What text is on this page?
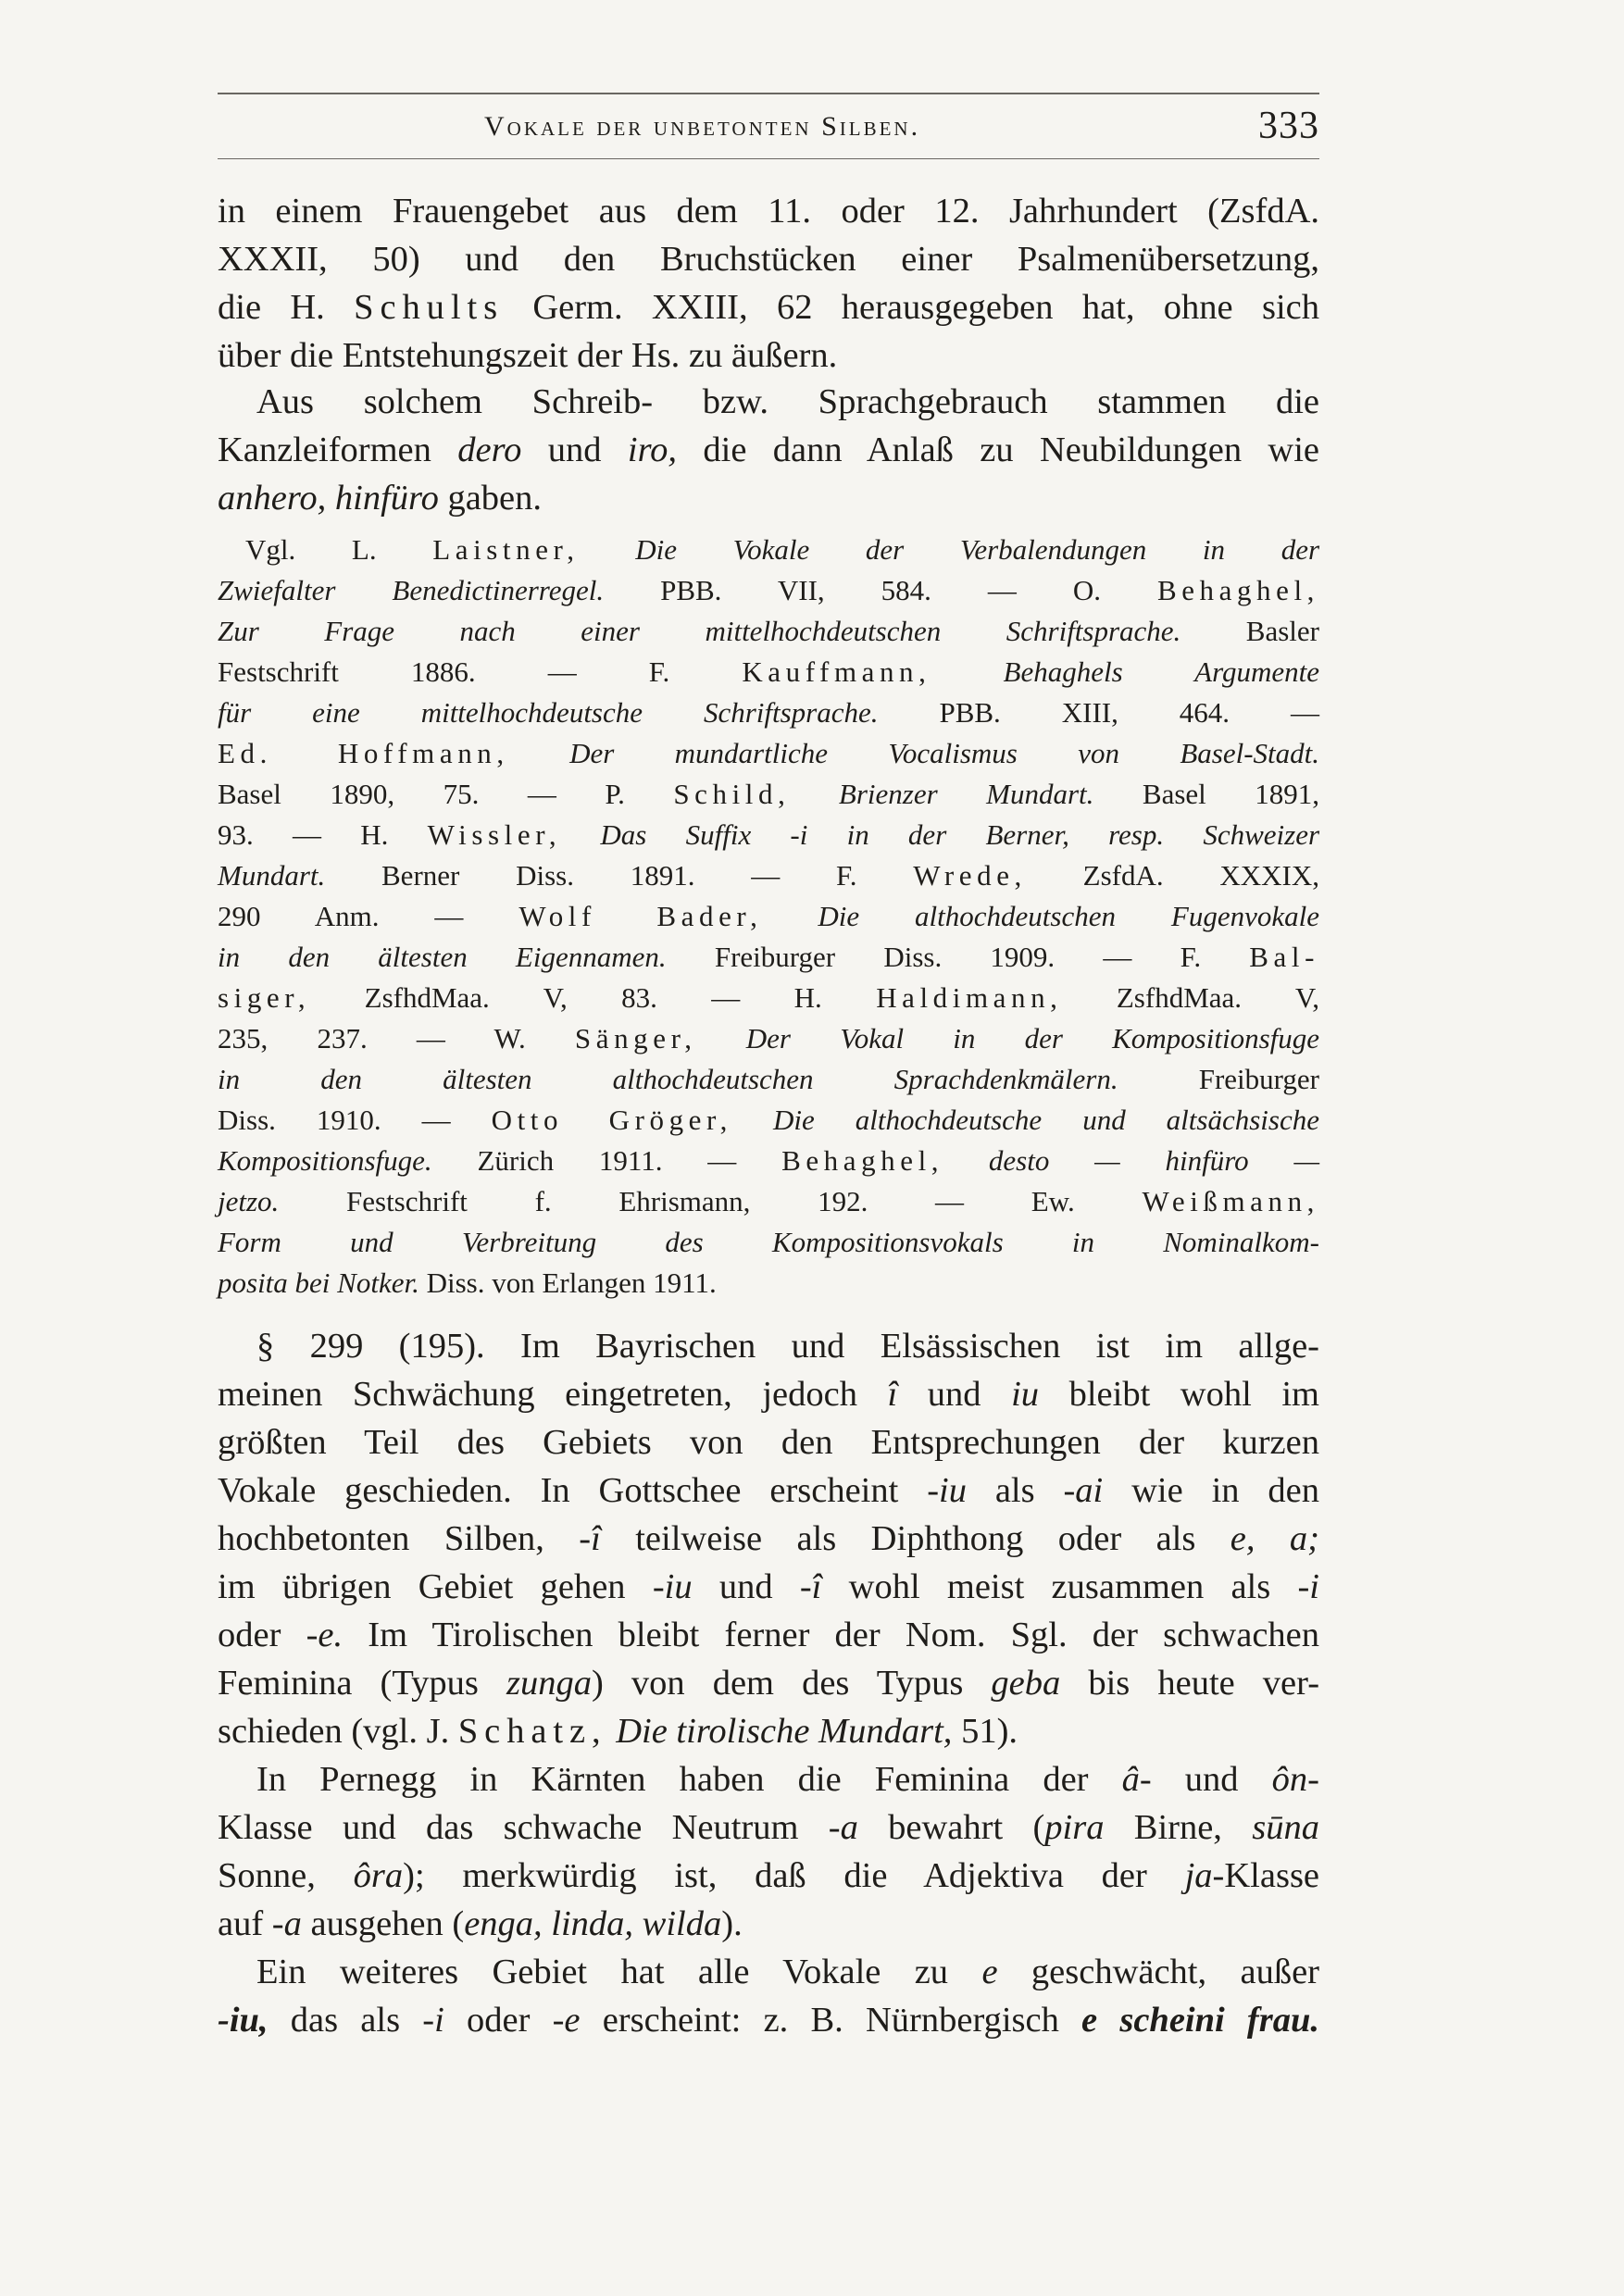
Vokale der unbetonten Silben.	333
in einem Frauengebet aus dem 11. oder 12. Jahrhundert (ZsfdA.
XXXII, 50) und den Bruchstücken einer Psalmenübersetzung,
die H. Schults Germ. XXIII, 62 herausgegeben hat, ohne sich
über die Entstehungszeit der Hs. zu äußern.
Aus solchem Schreib- bzw. Sprachgebrauch stammen die
Kanzleiformen dero und iro, die dann Anlaß zu Neubildungen wie
anhero, hinfüro gaben.
Vgl. L. Laistner, Die Vokale der Verbalendungen in der
Zwiefalter Benedictinerregel. PBB. VII, 584. — O. Behaghel,
Zur Frage nach einer mittelhochdeutschen Schriftsprache. Basler
Festschrift 1886. — F. Kauffmann,	Behaghels Argumente
für eine mittelhochdeutsche Schriftsprache. PBB. XIII, 464. —
Ed. Hoffmann, Der mundartliche Vocalismus von Basel-Stadt.
Basel 1890, 75. — P. Schild, Brienzer Mundart. Basel 1891,
93. — H. Wissler, Das Suffix -i in der Berner, resp. Schweizer
Mundart. Berner Diss. 1891. — F. Wrede, ZsfdA. XXXIX,
290 Anm. — Wolf Bader, Die althochdeutschen Fugenvokale
in den ältesten Eigennamen. Freiburger Diss. 1909. — F. Bal-
siger, ZsfhdMaa. V, 83. — H. Haldimann, ZsfhdMaa. V,
235, 237. — W. Sänger, Der Vokal in der Kompositionsfuge
in den ältesten althochdeutschen Sprachdenkmälern. Freiburger
Diss. 1910. — Otto Gröger, Die althochdeutsche und altsächsische
Kompositionsfuge. Zürich 1911. — Behaghel, desto — hinfüro —
jetzo. Festschrift f. Ehrismann, 192. — Ew. Weißmann,
Form und Verbreitung des Kompositionsvokals in Nominalkom-
posita bei Notker. Diss. von Erlangen 1911.
§ 299 (195). Im Bayrischen und Elsässischen ist im allge-
meinen Schwächung eingetreten, jedoch î und iu bleibt wohl im
größten Teil des Gebiets von den Entsprechungen der kurzen
Vokale geschieden. In Gottschee erscheint -iu als -ai wie in den
hochbetonten Silben, -î teilweise als Diphthong oder als e, a;
im übrigen Gebiet gehen -iu und -î wohl meist zusammen als -i
oder -e. Im Tirolischen bleibt ferner der Nom. Sgl. der schwachen
Feminina (Typus zunga) von dem des Typus geba bis heute ver-
schieden (vgl. J. Schatz, Die tirolische Mundart, 51).
In Pernegg in Kärnten haben die Feminina der â- und ôn-
Klasse und das schwache Neutrum -a bewahrt (pira Birne, sūna
Sonne, ôra); merkwürdig ist, daß die Adjektiva der ja-Klasse
auf -a ausgehen (enga, linda, wilda).
Ein weiteres Gebiet hat alle Vokale zu e geschwächt, außer
-iu, das als -i oder -e erscheint: z. B. Nürnbergisch e scheini frau.
